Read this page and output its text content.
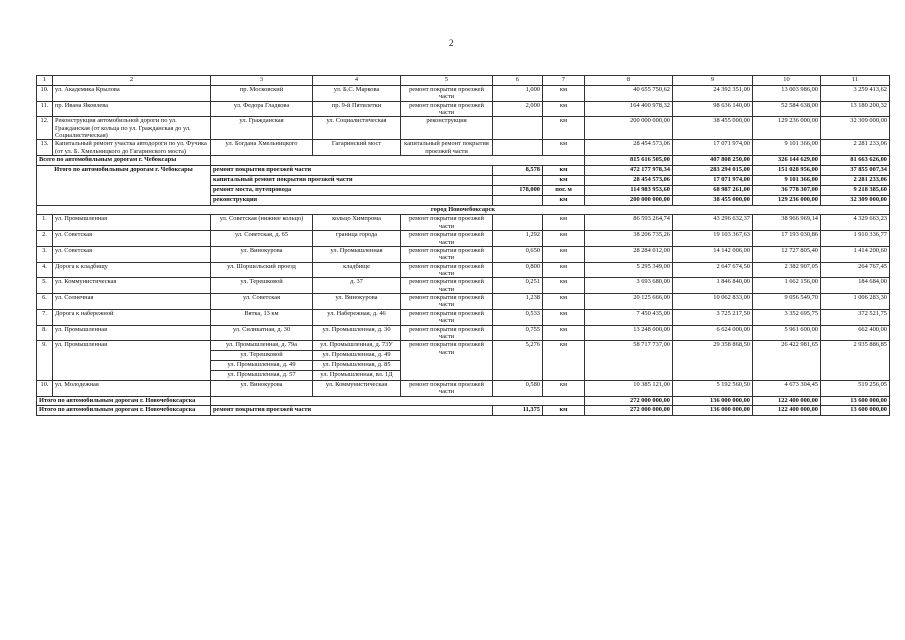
2
1	2	3	4	5	6	7	8	9	10	11
10.	ул. Академика Крылова	пр. Московский	ул. Б.С. Маркова	ремонт покрытия проезжей части	1,000	км	40 655 750,62	24 392 351,00	13 003 986,00	3 259 413,62
11.	пр. Ивана Яковлева	ул. Федора Гладкова	пр. 9-й Пятилетки	ремонт покрытия проезжей части	2,000	км	164 400 978,32	98 636 140,00	52 584 638,00	13 180 200,32
12.	Реконструкция автомобильной дороги по ул. Гражданская (от кольца по ул. Гражданская до ул. Социалистическая)	ул. Гражданская	ул. Социалистическая	реконструкция		км	200 000 000,00	38 455 000,00	129 236 000,00	32 309 000,00
13.	Капитальный ремонт участка автодороги по ул. Фучика (от ул. Б. Хмельницкого до Гагаринского моста)	ул. Богдана Хмельницкого	Гагаринский мост	капитальный ремонт покрытия проезжей части		км	28 454 573,06	17 071 974,00	9 101 366,00	2 281 233,06
Всего по автомобильным дорогам г. Чебоксары							815 616 505,00	407 808 250,00	326 144 629,00	81 663 626,00
Итого по автомобильным дорогам г. Чебоксары		ремонт покрытия проезжей части			8,578	км	472 177 978,34	283 294 015,00	151 028 956,00	37 855 007,34
		капитальный ремонт покрытия проезжей части				км	28 454 573,06	17 071 974,00	9 101 366,00	2 281 233,06
		ремонт моста, путепровода			178,000	пог. м	114 983 953,60	68 987 261,00	36 778 307,00	9 218 385,60
		реконструкция				км	200 000 000,00	38 455 000,00	129 236 000,00	32 309 000,00
город Новочебоксарск										
1.	ул. Промышленная	ул. Советская (нижнее кольцо)	кольцо Химпрома	ремонт покрытия проезжей части		км	86 593 264,74	43 296 632,37	38 966 969,14	4 329 663,23
2.	ул. Советская	ул. Советская, д. 65	граница города	ремонт покрытия проезжей части	1,292	км	38 206 735,26	19 103 367,63	17 193 030,86	1 910 336,77
3.	ул. Советская	ул. Винокурова	ул. Промышленная	ремонт покрытия проезжей части	0,650	км	28 284 012,00	14 142 006,00	12 727 805,40	1 414 200,60
4.	Дорога к кладбищу	ул. Шоршельский проезд	кладбище	ремонт покрытия проезжей части	0,800	км	5 295 349,00	2 647 674,50	2 382 907,05	264 767,45
5.	ул. Коммунистическая	ул. Терешковой	д. 37	ремонт покрытия проезжей части	0,251	км	3 693 680,00	1 846 840,00	1 662 156,00	184 684,00
6.	ул. Солнечная	ул. Советская	ул. Винокурова	ремонт покрытия проезжей части	1,238	км	20 125 666,00	10 062 833,00	9 056 549,70	1 006 283,30
7.	Дорога к набережной	Вятка, 13 км	ул. Набережная, д. 46	ремонт покрытия проезжей части	0,533	км	7 450 435,00	3 725 217,50	3 352 695,75	372 521,75
8.	ул. Промышленная	ул. Силикатная, д. 30	ул. Промышленная, д. 30	ремонт покрытия проезжей части	0,755	км	13 248 000,00	6 624 000,00	5 961 600,00	662 400,00
9.	ул. Промышленная	ул. Промышленная, д. 79а	ул. Промышленная, д. 73У	ремонт покрытия проезжей части	5,276	км	58 717 737,00	29 358 868,50	26 422 981,65	2 935 886,85
		ул. Терешковой	ул. Промышленная, д. 49							
		ул. Промышленная, д. 49	ул. Промышленная, д. 85							
		ул. Промышленная, д. 57	ул. Промышленная, вл. 1Д							
10.	ул. Молодежная	ул. Винокурова	ул. Коммунистическая	ремонт покрытия проезжей части	0,580	км	10 385 121,00	5 192 560,50	4 673 304,45	519 256,05
Итого по автомобильным дорогам г. Новочебоксарска							272 000 000,00	136 000 000,00	122 400 000,00	13 600 000,00
Итого по автомобильным дорогам г. Новочебоксарска		ремонт покрытия проезжей части			11,375	км	272 000 000,00	136 000 000,00	122 400 000,00	13 600 000,00
